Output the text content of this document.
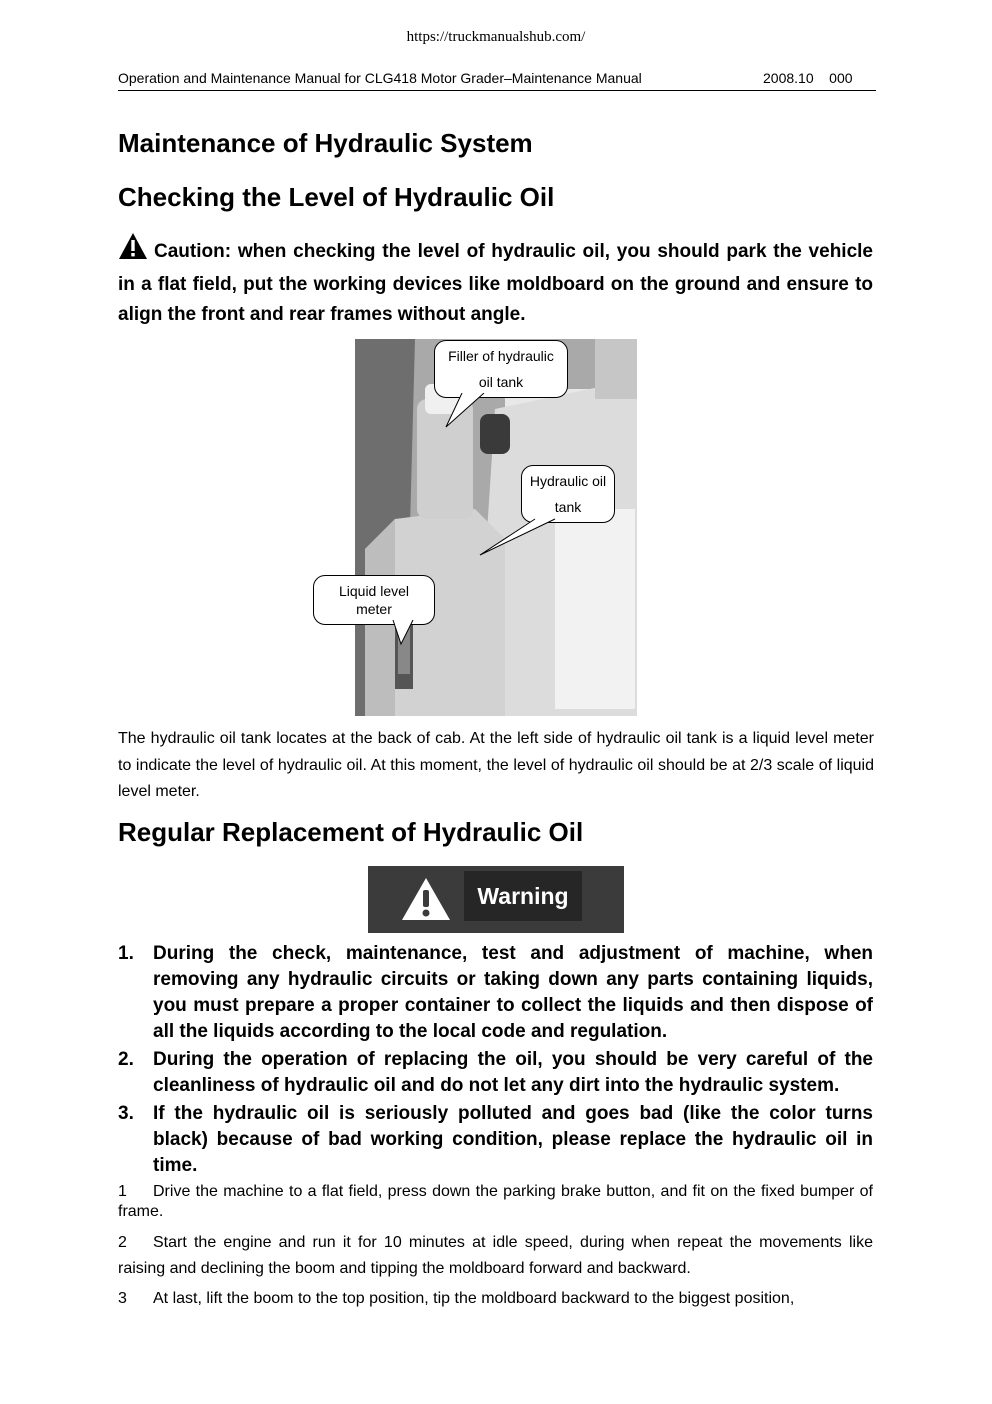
https://truckmanualshub.com/
Operation and Maintenance Manual for CLG418 Motor Grader–Maintenance Manual	2008.10 000
Maintenance of Hydraulic System
Checking the Level of Hydraulic Oil
Caution: when checking the level of hydraulic oil, you should park the vehicle in a flat field, put the working devices like moldboard on the ground and ensure to align the front and rear frames without angle.
Filler of hydraulic
oil tank
Hydraulic oil
tank
Liquid level
meter
The hydraulic oil tank locates at the back of cab. At the left side of hydraulic oil tank is a liquid level meter to indicate the level of hydraulic oil. At this moment, the level of hydraulic oil should be at 2/3 scale of liquid level meter.
Regular Replacement of Hydraulic Oil
Warning
1. During the check, maintenance, test and adjustment of machine, when removing any hydraulic circuits or taking down any parts containing liquids, you must prepare a proper container to collect the liquids and then dispose of all the liquids according to the local code and regulation.
2. During the operation of replacing the oil, you should be very careful of the cleanliness of hydraulic oil and do not let any dirt into the hydraulic system.
3. If the hydraulic oil is seriously polluted and goes bad (like the color turns black) because of bad working condition, please replace the hydraulic oil in time.
1 Drive the machine to a flat field, press down the parking brake button, and fit on the fixed bumper of frame.
2 Start the engine and run it for 10 minutes at idle speed, during when repeat the movements like raising and declining the boom and tipping the moldboard forward and backward.
3 At last, lift the boom to the top position, tip the moldboard backward to the biggest position,
